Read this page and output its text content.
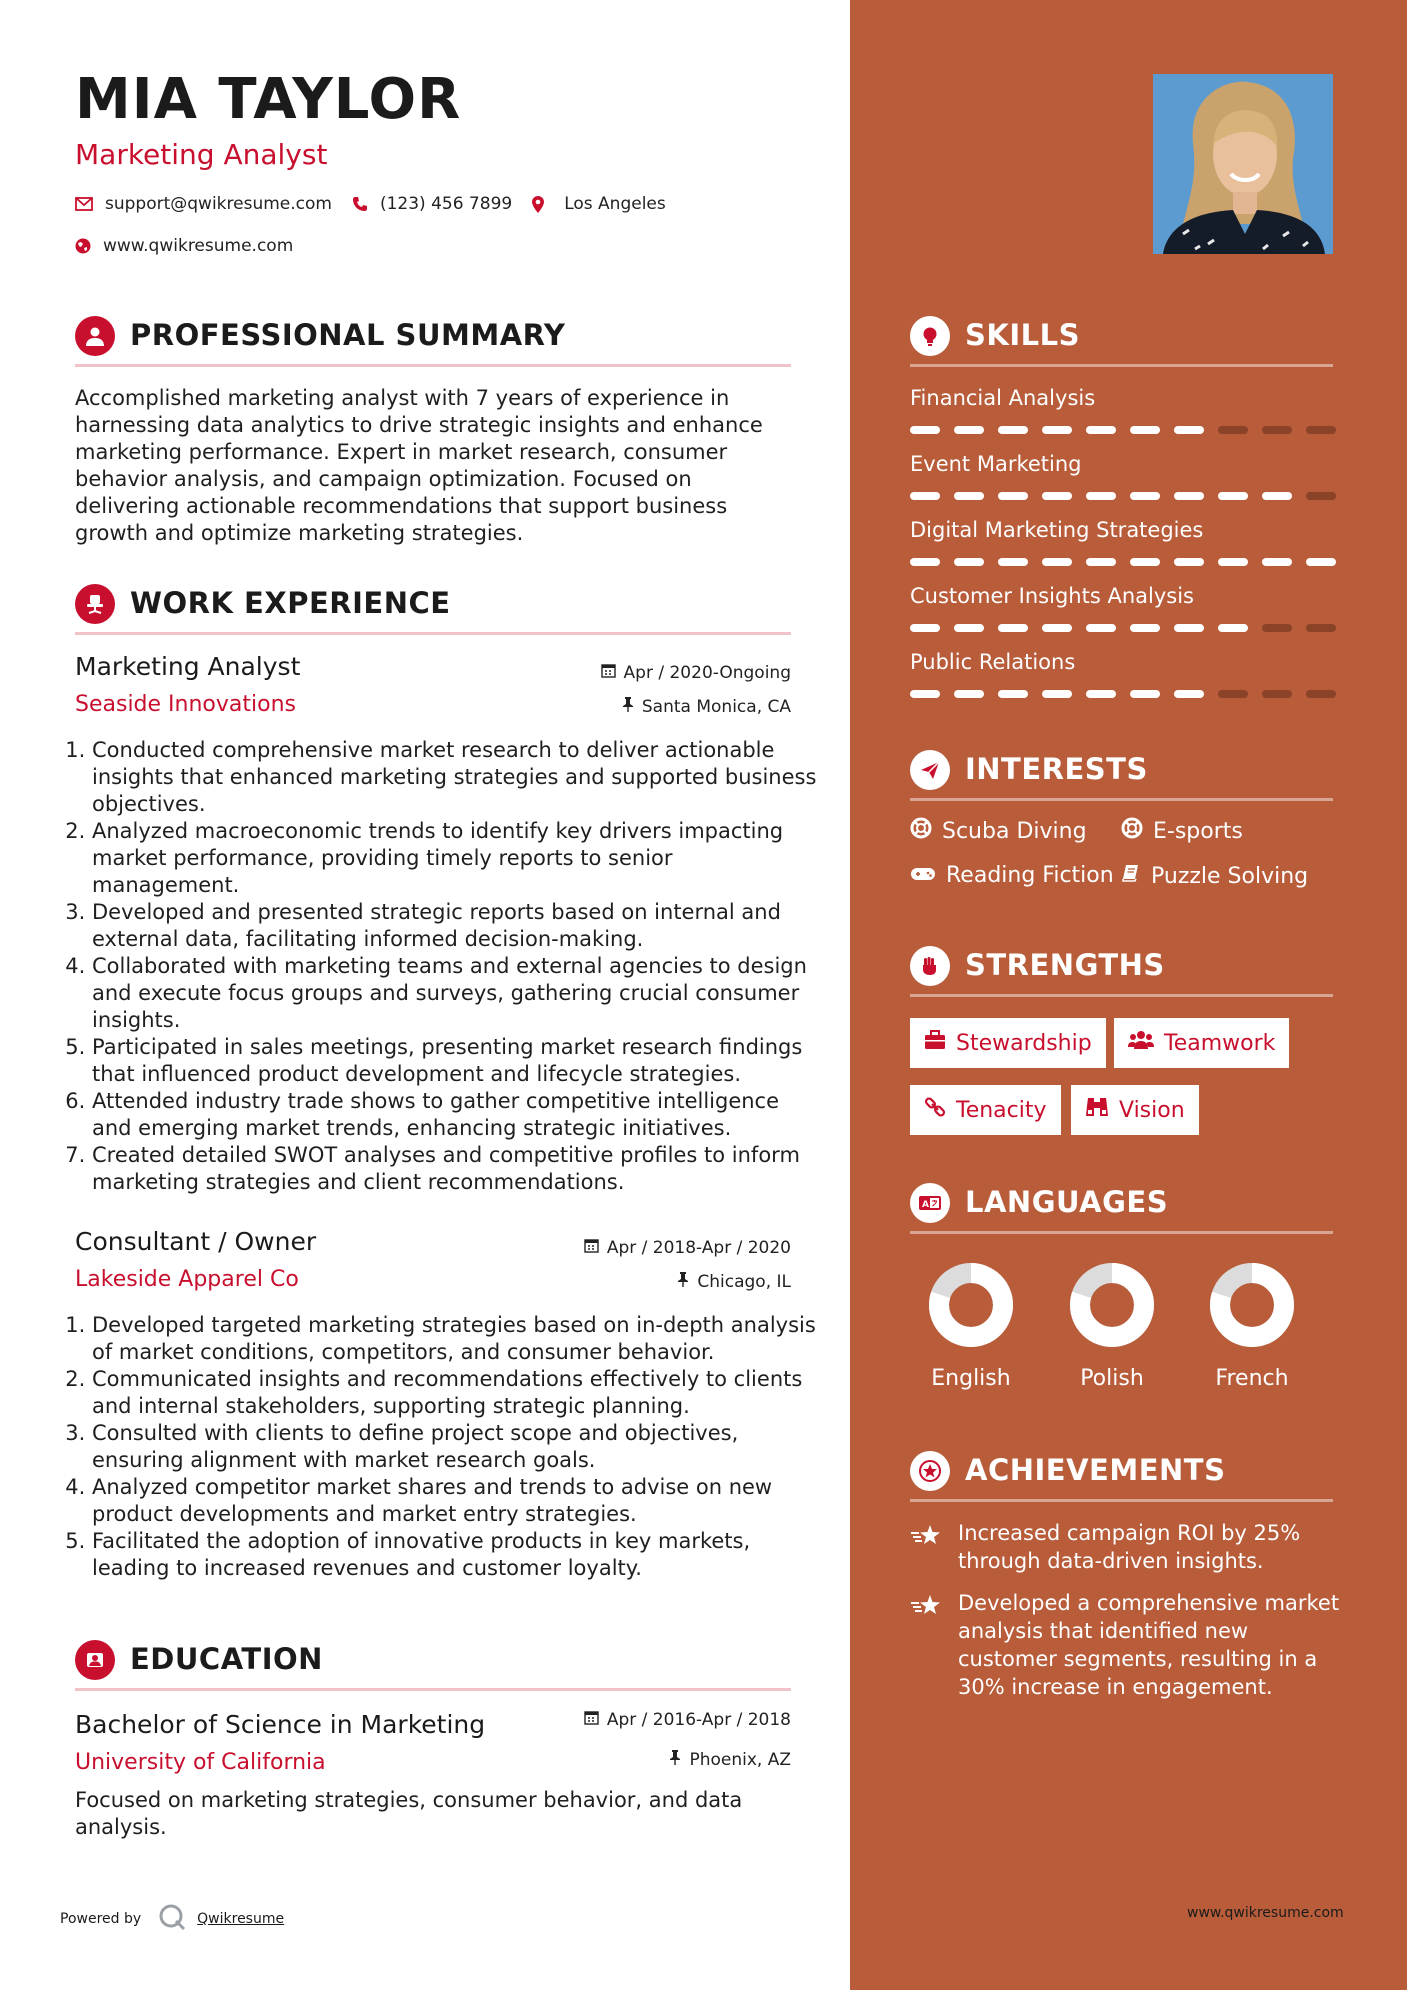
MIA TAYLOR
Marketing Analyst
support@qwikresume.com	(123) 456 7899	Los Angeles
www.qwikresume.com
PROFESSIONAL SUMMARY
Accomplished marketing analyst with 7 years of experience in harnessing data analytics to drive strategic insights and enhance marketing performance. Expert in market research, consumer behavior analysis, and campaign optimization. Focused on delivering actionable recommendations that support business growth and optimize marketing strategies.
WORK EXPERIENCE
Marketing Analyst
Seaside Innovations
Apr / 2020-Ongoing
Santa Monica, CA
1. Conducted comprehensive market research to deliver actionable insights that enhanced marketing strategies and supported business objectives.
2. Analyzed macroeconomic trends to identify key drivers impacting market performance, providing timely reports to senior management.
3. Developed and presented strategic reports based on internal and external data, facilitating informed decision-making.
4. Collaborated with marketing teams and external agencies to design and execute focus groups and surveys, gathering crucial consumer insights.
5. Participated in sales meetings, presenting market research findings that influenced product development and lifecycle strategies.
6. Attended industry trade shows to gather competitive intelligence and emerging market trends, enhancing strategic initiatives.
7. Created detailed SWOT analyses and competitive profiles to inform marketing strategies and client recommendations.
Consultant / Owner
Lakeside Apparel Co
Apr / 2018-Apr / 2020
Chicago, IL
1. Developed targeted marketing strategies based on in-depth analysis of market conditions, competitors, and consumer behavior.
2. Communicated insights and recommendations effectively to clients and internal stakeholders, supporting strategic planning.
3. Consulted with clients to define project scope and objectives, ensuring alignment with market research goals.
4. Analyzed competitor market shares and trends to advise on new product developments and market entry strategies.
5. Facilitated the adoption of innovative products in key markets, leading to increased revenues and customer loyalty.
EDUCATION
Bachelor of Science in Marketing
University of California
Apr / 2016-Apr / 2018
Phoenix, AZ
Focused on marketing strategies, consumer behavior, and data analysis.
Powered by	Qwikresume
SKILLS
Financial Analysis
Event Marketing
Digital Marketing Strategies
Customer Insights Analysis
Public Relations
INTERESTS
Scuba Diving	E-sports
Reading Fiction Puzzle Solving
STRENGTHS
Stewardship	Teamwork
Tenacity	Vision
A LANGUAGES
English	Polish	French
ACHIEVEMENTS
Increased campaign ROI by 25% through data-driven insights.
Developed a comprehensive market analysis that identified new customer segments, resulting in a 30% increase in engagement.
www.qwikresume.com
